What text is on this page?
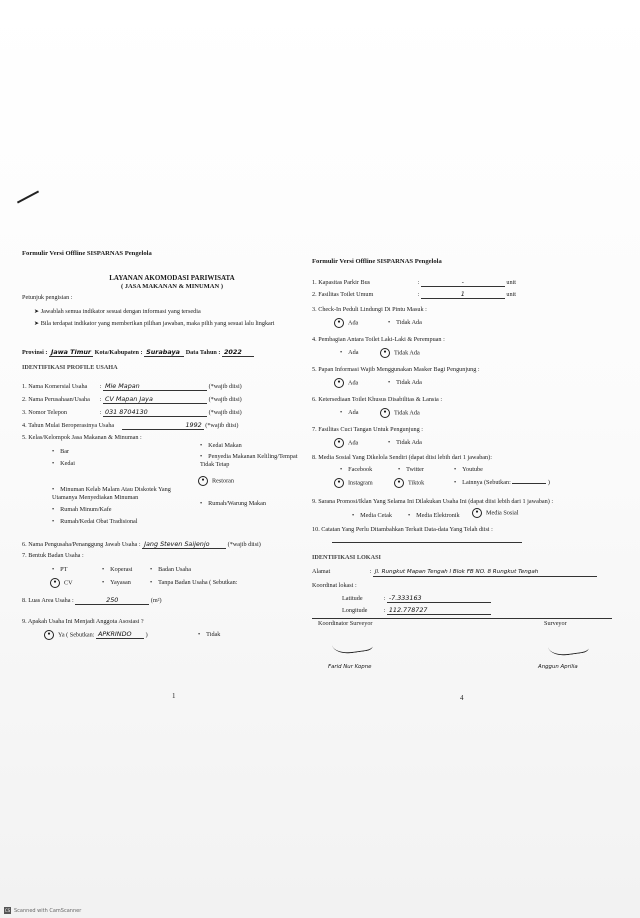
Formulir Versi Offline SISPARNAS Pengelola
LAYANAN AKOMODASI PARIWISATA
( JASA MAKANAN & MINUMAN )
Petunjuk pengisian :
➤ Jawablah semua indikator sesuai dengan informasi yang tersedia
➤ Bila terdapat indikator yang memberikan pilihan jawaban, maka pilih yang sesuai lalu lingkari
Provinsi : Jawa Timur Kota/Kabupaten : Surabaya Data Tahun : 2022
IDENTIFIKASI PROFILE USAHA
1. Nama Komersial Usaha : Mie Mapan	(*wajib diisi)
2. Nama Perusahaan/Usaha : CV Mapan Jaya	(*wajib diisi)
3. Nomor Telepon	: 031 8704130	(*wajib diisi)
4. Tahun Mulai Beroperasinya Usaha	1992 (*wajib diisi)
5. Kelas/Kelompok Jasa Makanan & Minuman :
• Bar
• Kedai Makan
• Kedai
• Penyedia Makanan Keliling/Tempat Tidak Tetap
• Minuman Kelab Malam Atau Diskotek Yang Utamanya Menyediakan Minuman
● Restoran
• Rumah Minum/Kafe
• Rumah/Warung Makan
• Rumah/Kedai Obat Tradisional
6. Nama Pengusaha/Penanggung Jawab Usaha : Jang Steven Saijenjo	(*wajib diisi)
7. Bentuk Badan Usaha :
• PT	• Koperasi	• Badan Usaha
● CV	• Yayasan	• Tanpa Badan Usaha ( Sebutkan:
8. Luas Area Usaha :	250	(m²)
9. Apakah Usaha Ini Menjadi Anggota Asosiasi ?
● Ya ( Sebutkan: APKRINDO )	• Tidak
1
Formulir Versi Offline SISPARNAS Pengelola
1. Kapasitas Parkir Bus	:	-	unit
2. Fasilitas Toilet Umum	:	1	unit
3. Check-In Peduli Lindungi Di Pintu Masuk :
● Ada	• Tidak Ada
4. Pembagian Antara Toilet Laki-Laki & Perempuan :
• Ada	● Tidak Ada
5. Papan Informasi Wajib Menggunakan Masker Bagi Pengunjung :
● Ada	• Tidak Ada
6. Ketersediaan Toilet Khusus Disabilitas & Lansia :
• Ada	● Tidak Ada
7. Fasilitas Cuci Tangan Untuk Pengunjung :
● Ada	• Tidak Ada
8. Media Sosial Yang Dikelola Sendiri (dapat diisi lebih dari 1 jawaban):
• Facebook	• Twitter	• Youtube
● Instagram	● Tiktok	• Lainnya (Sebutkan:	)
9. Sarana Promosi/Iklan Yang Selama Ini Dilakukan Usaha Ini (dapat diisi lebih dari 1 jawaban) :
• Media Cetak	• Media Elektronik	● Media Sosial
10. Catatan Yang Perlu Ditambahkan Terkait Data-data Yang Telah diisi :
IDENTIFIKASI LOKASI
Alamat	: Jl. Rungkut Mapan Tengah I Blok FB NO. 8 Rungkut Tengah
Koordinat lokasi :
Latitude	: -7.333163
Longitude : 112.778727
Koordinator Surveyor	Surveyor
Farid Nur Kopne	Anggun Aprilia
4
CS Scanned with CamScanner
